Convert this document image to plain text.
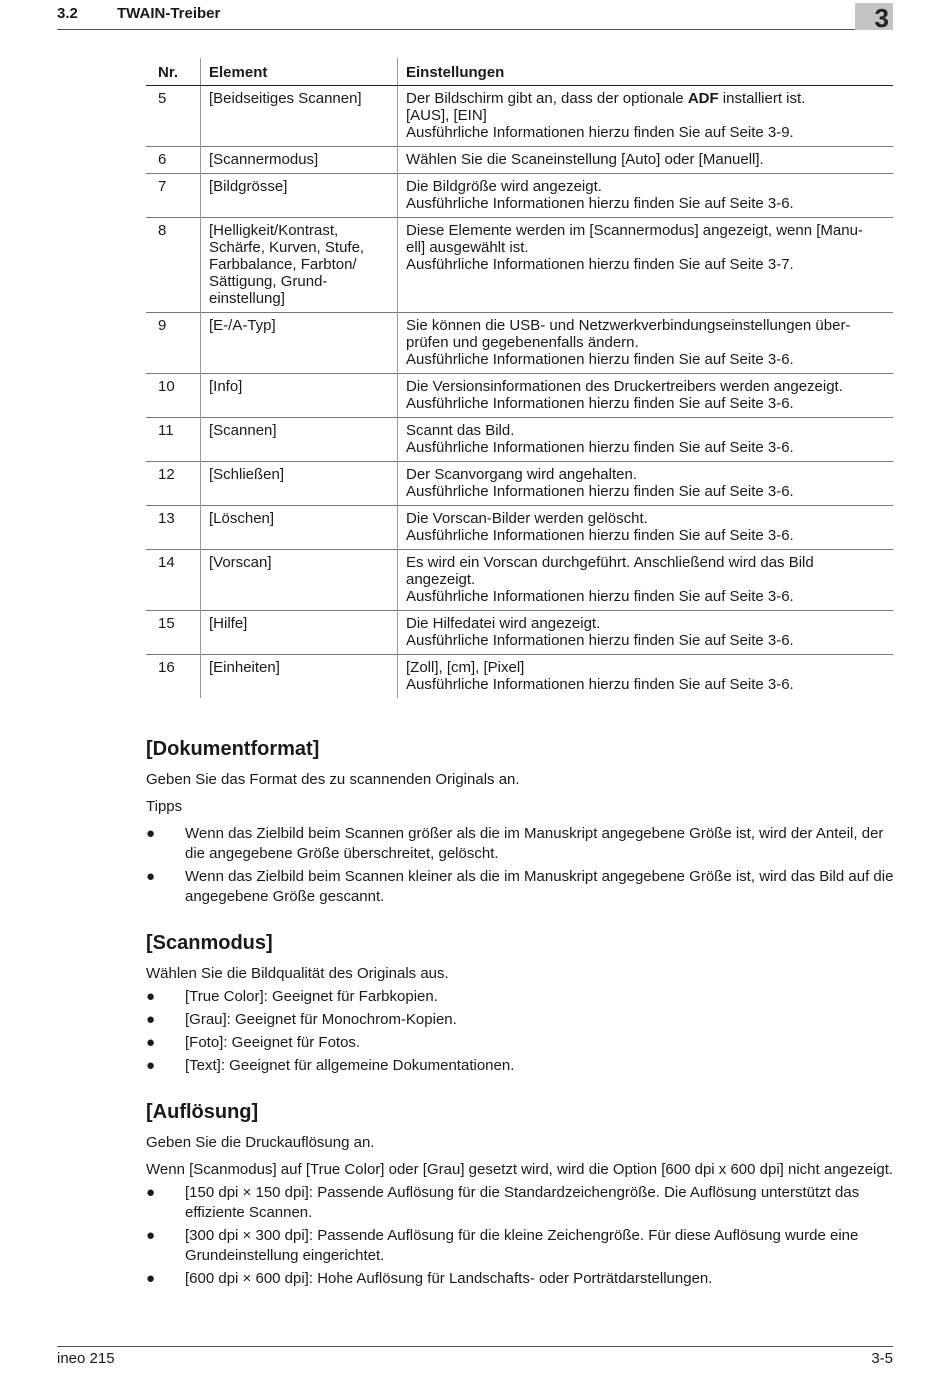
3.2	TWAIN-Treiber	3
Nr.	Element	Einstellungen
5	[Beidseitiges Scannen]	Der Bildschirm gibt an, dass der optionale ADF installiert ist.
[AUS], [EIN]
Ausführliche Informationen hierzu finden Sie auf Seite 3-9.

6	[Scannermodus]	Wählen Sie die Scaneinstellung [Auto] oder [Manuell].

7	[Bildgrösse]	Die Bildgröße wird angezeigt.
Ausführliche Informationen hierzu finden Sie auf Seite 3-6.

8	[Helligkeit/Kontrast,
Schärfe, Kurven, Stufe,
Farbbalance, Farbton/
Sättigung, Grund-
einstellung]	Diese Elemente werden im [Scannermodus] angezeigt, wenn [Manu-
ell] ausgewählt ist.
Ausführliche Informationen hierzu finden Sie auf Seite 3-7.

9	[E-/A-Typ]	Sie können die USB- und Netzwerkverbindungseinstellungen über-
prüfen und gegebenenfalls ändern.
Ausführliche Informationen hierzu finden Sie auf Seite 3-6.

10	[Info]	Die Versionsinformationen des Druckertreibers werden angezeigt.
Ausführliche Informationen hierzu finden Sie auf Seite 3-6.

11	[Scannen]	Scannt das Bild.
Ausführliche Informationen hierzu finden Sie auf Seite 3-6.

12	[Schließen]	Der Scanvorgang wird angehalten.
Ausführliche Informationen hierzu finden Sie auf Seite 3-6.

13	[Löschen]	Die Vorscan-Bilder werden gelöscht.
Ausführliche Informationen hierzu finden Sie auf Seite 3-6.

14	[Vorscan]	Es wird ein Vorscan durchgeführt. Anschließend wird das Bild
angezeigt.
Ausführliche Informationen hierzu finden Sie auf Seite 3-6.

15	[Hilfe]	Die Hilfedatei wird angezeigt.
Ausführliche Informationen hierzu finden Sie auf Seite 3-6.

16	[Einheiten]	[Zoll], [cm], [Pixel]
Ausführliche Informationen hierzu finden Sie auf Seite 3-6.
[Dokumentformat]
Geben Sie das Format des zu scannenden Originals an.
Tipps
● Wenn das Zielbild beim Scannen größer als die im Manuskript angegebene Größe ist, wird der Anteil, der die angegebene Größe überschreitet, gelöscht.
● Wenn das Zielbild beim Scannen kleiner als die im Manuskript angegebene Größe ist, wird das Bild auf die angegebene Größe gescannt.
[Scanmodus]
Wählen Sie die Bildqualität des Originals aus.
● [True Color]: Geeignet für Farbkopien.
● [Grau]: Geeignet für Monochrom-Kopien.
● [Foto]: Geeignet für Fotos.
● [Text]: Geeignet für allgemeine Dokumentationen.
[Auflösung]
Geben Sie die Druckauflösung an.
Wenn [Scanmodus] auf [True Color] oder [Grau] gesetzt wird, wird die Option [600 dpi x 600 dpi] nicht angezeigt.
● [150 dpi × 150 dpi]: Passende Auflösung für die Standardzeichengröße. Die Auflösung unterstützt das effiziente Scannen.
● [300 dpi × 300 dpi]: Passende Auflösung für die kleine Zeichengröße. Für diese Auflösung wurde eine Grundeinstellung eingerichtet.
● [600 dpi × 600 dpi]: Hohe Auflösung für Landschafts- oder Porträtdarstellungen.
ineo 215	3-5
